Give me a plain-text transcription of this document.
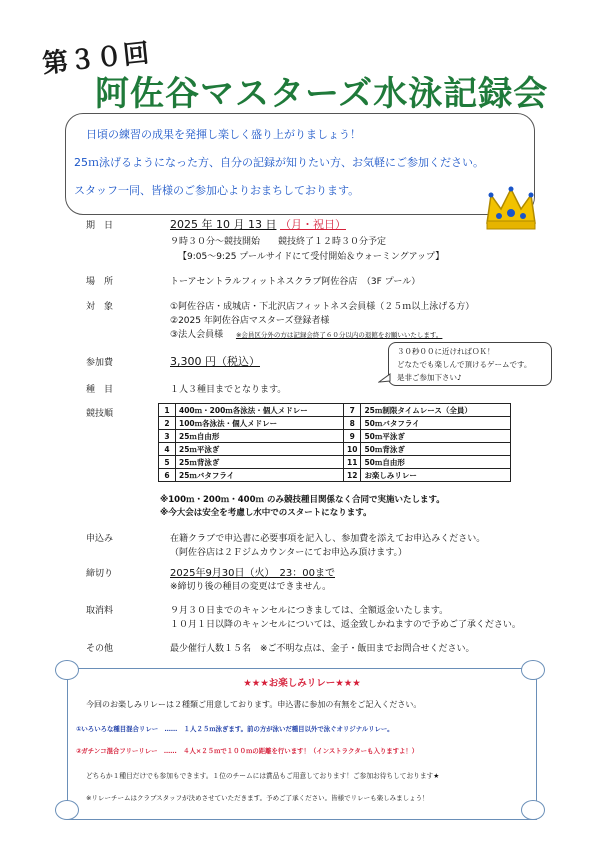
第３０回
阿佐谷マスターズ水泳記録会
日頃の練習の成果を発揮し楽しく盛り上がりましょう！
25ｍ泳げるようになった方、自分の記録が知りたい方、お気軽にご参加ください。
スタッフ一同、皆様のご参加心よりおまちしております。
期　日	2025 年 10 月 13 日 （月・祝日）
９時３０分～競技開始　　競技終了１２時３０分予定
【9:05～9:25 プールサイドにて受付開始＆ウォーミングアップ】
場　所	トーアセントラルフィットネスクラブ阿佐谷店　（3F プール）
対　象	①阿佐谷店・成城店・下北沢店フィットネス会員様（２５ｍ以上泳げる方）
②2025 年阿佐谷店マスターズ登録者様
③法人会員様 ※会員区分外の方は記録会終了６０分以内の退館をお願いいたします。
参加費	3,300 円（税込）
３０秒００に近ければＯＫ！
どなたでも楽しんで頂けるゲームです。
是非ご参加下さい♪
種　目	１人３種目までとなります。
競技順	1	400ｍ・200ｍ各泳法・個人メドレー	7	25ｍ制限タイムレース（全員）
2	100ｍ各泳法・個人メドレー	8	50ｍバタフライ
3	25ｍ自由形	9	50ｍ平泳ぎ
4	25ｍ平泳ぎ	10	50ｍ背泳ぎ
5	25ｍ背泳ぎ	11	50ｍ自由形
6	25ｍバタフライ	12	お楽しみリレー
※100ｍ・200ｍ・400ｍ のみ競技種目関係なく合同で実施いたします。
※今大会は安全を考慮し水中でのスタートになります。
申込み	在籍クラブで申込書に必要事項を記入し、参加費を添えてお申込みください。
（阿佐谷店は２Ｆジムカウンターにてお申込み頂けます。）
締切り	2025年9月30日（火）　23：00まで
※締切り後の種目の変更はできません。
取消料	９月３０日までのキャンセルにつきましては、全額返金いたします。
１０月１日以降のキャンセルについては、返金致しかねますので予めご了承ください。
その他	最少催行人数１５名　※ご不明な点は、金子・飯田までお問合せください。
★★★お楽しみリレー★★★
今回のお楽しみリレーは２種類ご用意しております。申込書に参加の有無をご記入ください。
①いろいろな種目混合リレー　……　１人２５ｍ泳ぎます。前の方が泳いだ種目以外で泳ぐオリジナルリレー。
②ガチンコ混合フリーリレー　……　４人×２５ｍで１００ｍの距離を行います！（インストラクターも入りますよ！）
どちらか１種目だけでも参加もできます。１位のチームには賞品もご用意しております！ご参加お待ちしております★
※リレーチームはクラブスタッフが決めさせていただきます。予めご了承ください。皆様でリレーも楽しみましょう！
